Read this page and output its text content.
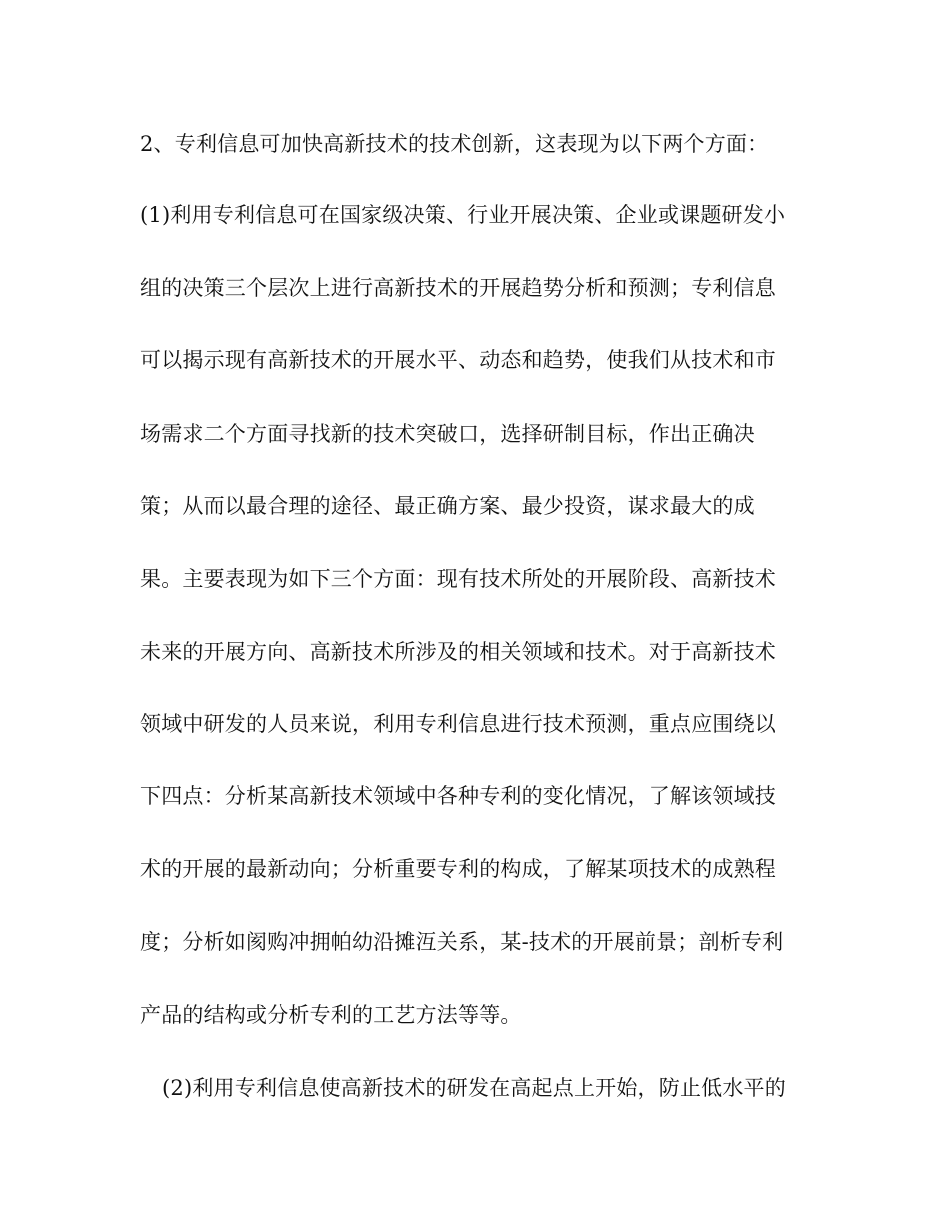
2、专利信息可加快高新技术的技术创新，这表现为以下两个方面：
(1)利用专利信息可在国家级决策、行业开展决策、企业或课题研发小
组的决策三个层次上进行高新技术的开展趋势分析和预测；专利信息
可以揭示现有高新技术的开展水平、动态和趋势，使我们从技术和市
场需求二个方面寻找新的技术突破口，选择研制目标，作出正确决
策；从而以最合理的途径、最正确方案、最少投资，谋求最大的成
果。主要表现为如下三个方面：现有技术所处的开展阶段、高新技术
未来的开展方向、高新技术所涉及的相关领域和技术。对于高新技术
领域中研发的人员来说，利用专利信息进行技术预测，重点应围绕以
下四点：分析某高新技术领域中各种专利的变化情况，了解该领域技
术的开展的最新动向；分析重要专利的构成，了解某项技术的成熟程
度；分析如阂购冲拥帕幼沿摊沍关系，某-技术的开展前景；剖析专利
产品的结构或分析专利的工艺方法等等。
(2)利用专利信息使高新技术的研发在高起点上开始，防止低水平的
